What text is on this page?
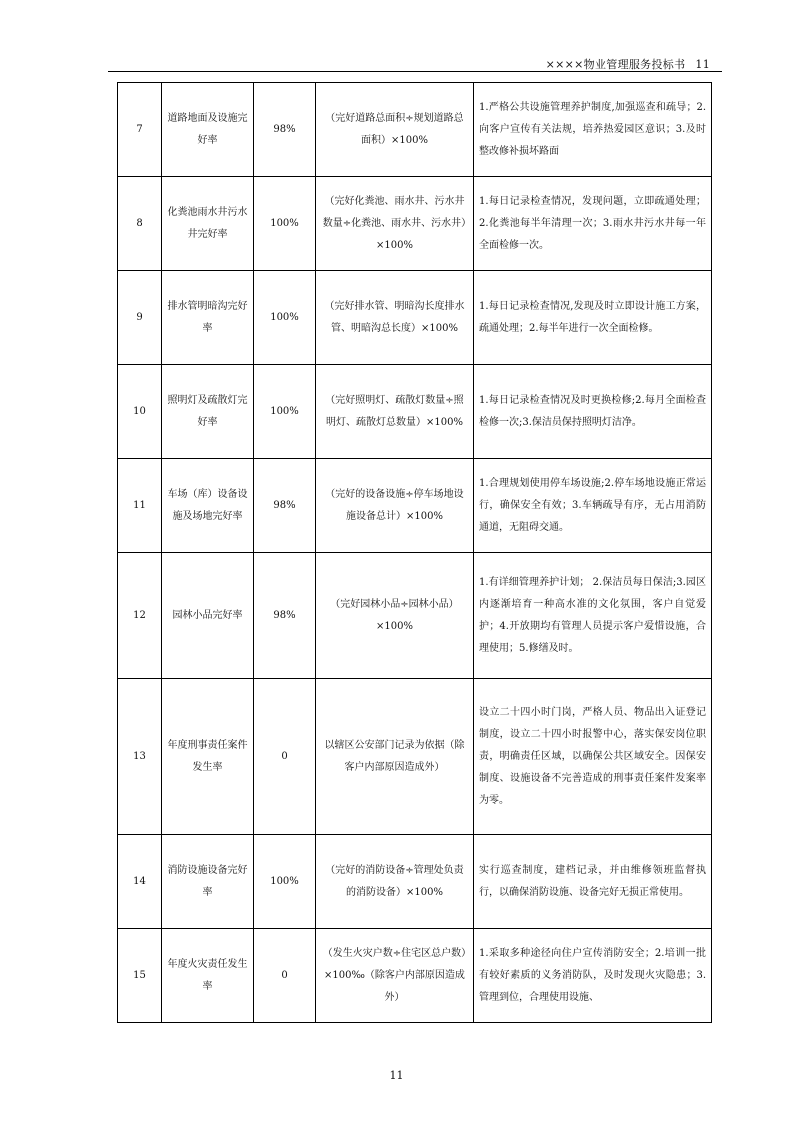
××××物业管理服务投标书 11
7	道路地面及设施完好率	98%	（完好道路总面积÷规划道路总面积）×100%	1.严格公共设施管理养护制度,加强巡查和疏导；2.向客户宣传有关法规，培养热爱园区意识；3.及时整改修补损坏路面
8	化粪池雨水井污水井完好率	100%	（完好化粪池、雨水井、污水井数量÷化粪池、雨水井、污水井）×100%	1.每日记录检查情况，发现问题，立即疏通处理；2.化粪池每半年清理一次；3.雨水井污水井每一年全面检修一次。
9	排水管明暗沟完好率	100%	（完好排水管、明暗沟长度排水管、明暗沟总长度）×100%	1.每日记录检查情况,发现及时立即设计施工方案，疏通处理；2.每半年进行一次全面检修。
10	照明灯及疏散灯完好率	100%	（完好照明灯、疏散灯数量÷照明灯、疏散灯总数量）×100%	1.每日记录检查情况及时更换检修;2.每月全面检查检修一次;3.保洁员保持照明灯洁净。
11	车场（库）设备设施及场地完好率	98%	（完好的设备设施÷停车场地设施设备总计）×100%	1.合理规划使用停车场设施;2.停车场地设施正常运行，确保安全有效；3.车辆疏导有序，无占用消防通道，无阻碍交通。
12	园林小品完好率	98%	（完好园林小品÷园林小品）×100%	1.有详细管理养护计划； 2.保洁员每日保洁;3.园区内逐渐培育一种高水准的文化氛围，客户自觉爱护；4.开放期均有管理人员提示客户爱惜设施，合理使用；5.修缮及时。
13	年度刑事责任案件发生率	0	以辖区公安部门记录为依据（除客户内部原因造成外）	设立二十四小时门岗，严格人员、物品出入证登记制度，设立二十四小时报警中心，落实保安岗位职责，明确责任区域，以确保公共区域安全。因保安制度、设施设备不完善造成的刑事责任案件发案率为零。
14	消防设施设备完好率	100%	（完好的消防设备÷管理处负责的消防设备）×100%	实行巡查制度，建档记录，并由维修领班监督执行，以确保消防设施、设备完好无损正常使用。
15	年度火灾责任发生率	0	（发生火灾户数÷住宅区总户数）×100‰（除客户内部原因造成外）	1.采取多种途径向住户宣传消防安全；2.培训一批有较好素质的义务消防队，及时发现火灾隐患；3.管理到位，合理使用设施、
11
